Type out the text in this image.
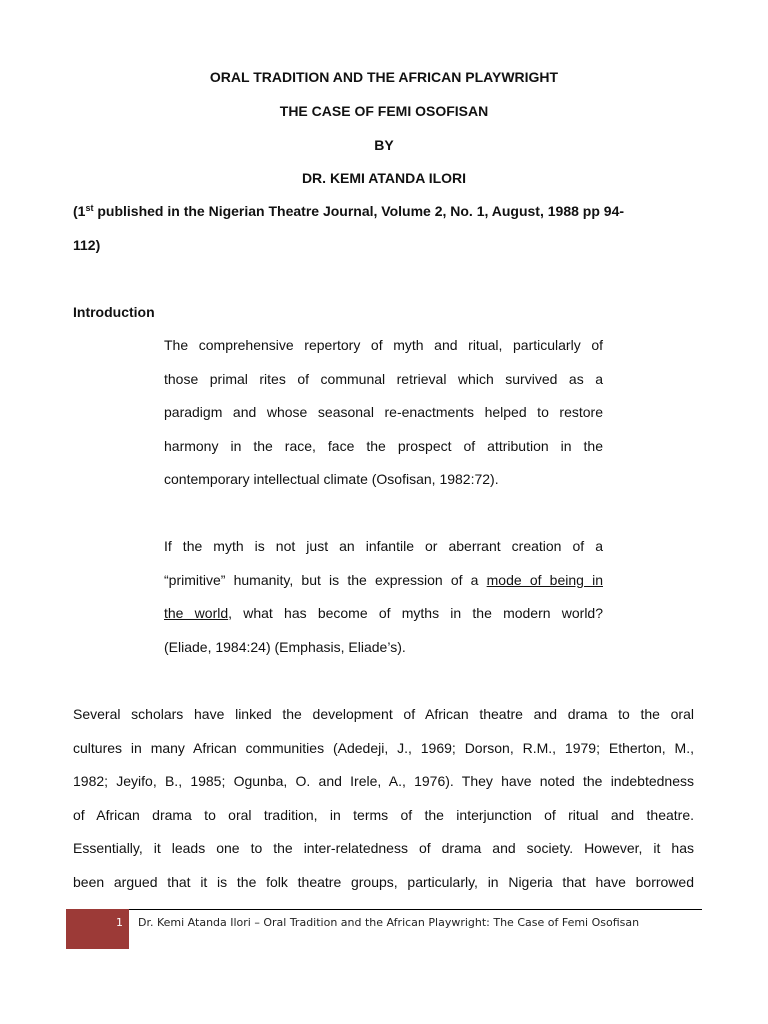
ORAL TRADITION AND THE AFRICAN PLAYWRIGHT
THE CASE OF FEMI OSOFISAN
BY
DR. KEMI ATANDA ILORI
(1st published in the Nigerian Theatre Journal, Volume 2, No. 1, August, 1988 pp 94-
112)
Introduction
The comprehensive repertory of myth and ritual, particularly of
those primal rites of communal retrieval which survived as a
paradigm and whose seasonal re-enactments helped to restore
harmony in the race, face the prospect of attribution in the
contemporary intellectual climate (Osofisan, 1982:72).
If the myth is not just an infantile or aberrant creation of a
“primitive” humanity, but is the expression of a mode of being in
the world, what has become of myths in the modern world?
(Eliade, 1984:24) (Emphasis, Eliade’s).
Several scholars have linked the development of African theatre and drama to the oral
cultures in many African communities (Adedeji, J., 1969; Dorson, R.M., 1979; Etherton, M.,
1982; Jeyifo, B., 1985; Ogunba, O. and Irele, A., 1976). They have noted the indebtedness
of African drama to oral tradition, in terms of the interjunction of ritual and theatre.
Essentially, it leads one to the inter-relatedness of drama and society. However, it has
been argued that it is the folk theatre groups, particularly, in Nigeria that have borrowed
1 Dr. Kemi Atanda Ilori – Oral Tradition and the African Playwright: The Case of Femi Osofisan
